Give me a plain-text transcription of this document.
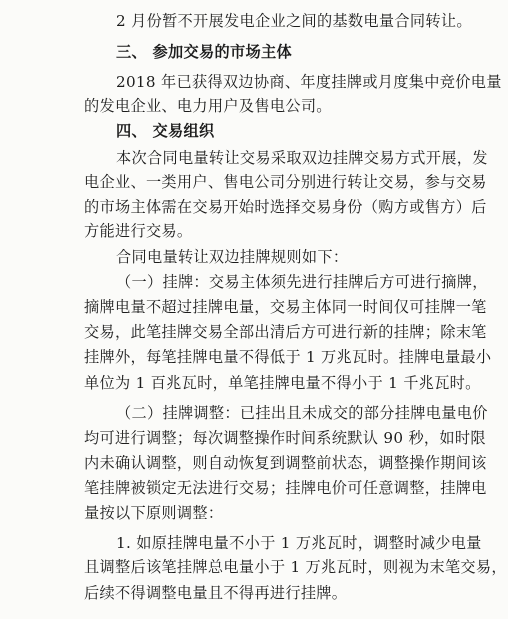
2 月份暂不开展发电企业之间的基数电量合同转让。
三、 参加交易的市场主体
2018 年已获得双边协商、年度挂牌或月度集中竞价电量
的发电企业、电力用户及售电公司。
四、 交易组织
本次合同电量转让交易采取双边挂牌交易方式开展，发
电企业、一类用户、售电公司分别进行转让交易，参与交易
的市场主体需在交易开始时选择交易身份（购方或售方）后
方能进行交易。
合同电量转让双边挂牌规则如下：
（一）挂牌：交易主体须先进行挂牌后方可进行摘牌，
摘牌电量不超过挂牌电量，交易主体同一时间仅可挂牌一笔
交易，此笔挂牌交易全部出清后方可进行新的挂牌；除末笔
挂牌外，每笔挂牌电量不得低于 1 万兆瓦时。挂牌电量最小
单位为 1 百兆瓦时，单笔挂牌电量不得小于 1 千兆瓦时。
（二）挂牌调整：已挂出且未成交的部分挂牌电量电价
均可进行调整；每次调整操作时间系统默认 90 秒，如时限
内未确认调整，则自动恢复到调整前状态，调整操作期间该
笔挂牌被锁定无法进行交易；挂牌电价可任意调整，挂牌电
量按以下原则调整：
1. 如原挂牌电量不小于 1 万兆瓦时，调整时减少电量
且调整后该笔挂牌总电量小于 1 万兆瓦时，则视为末笔交易，
后续不得调整电量且不得再进行挂牌。
